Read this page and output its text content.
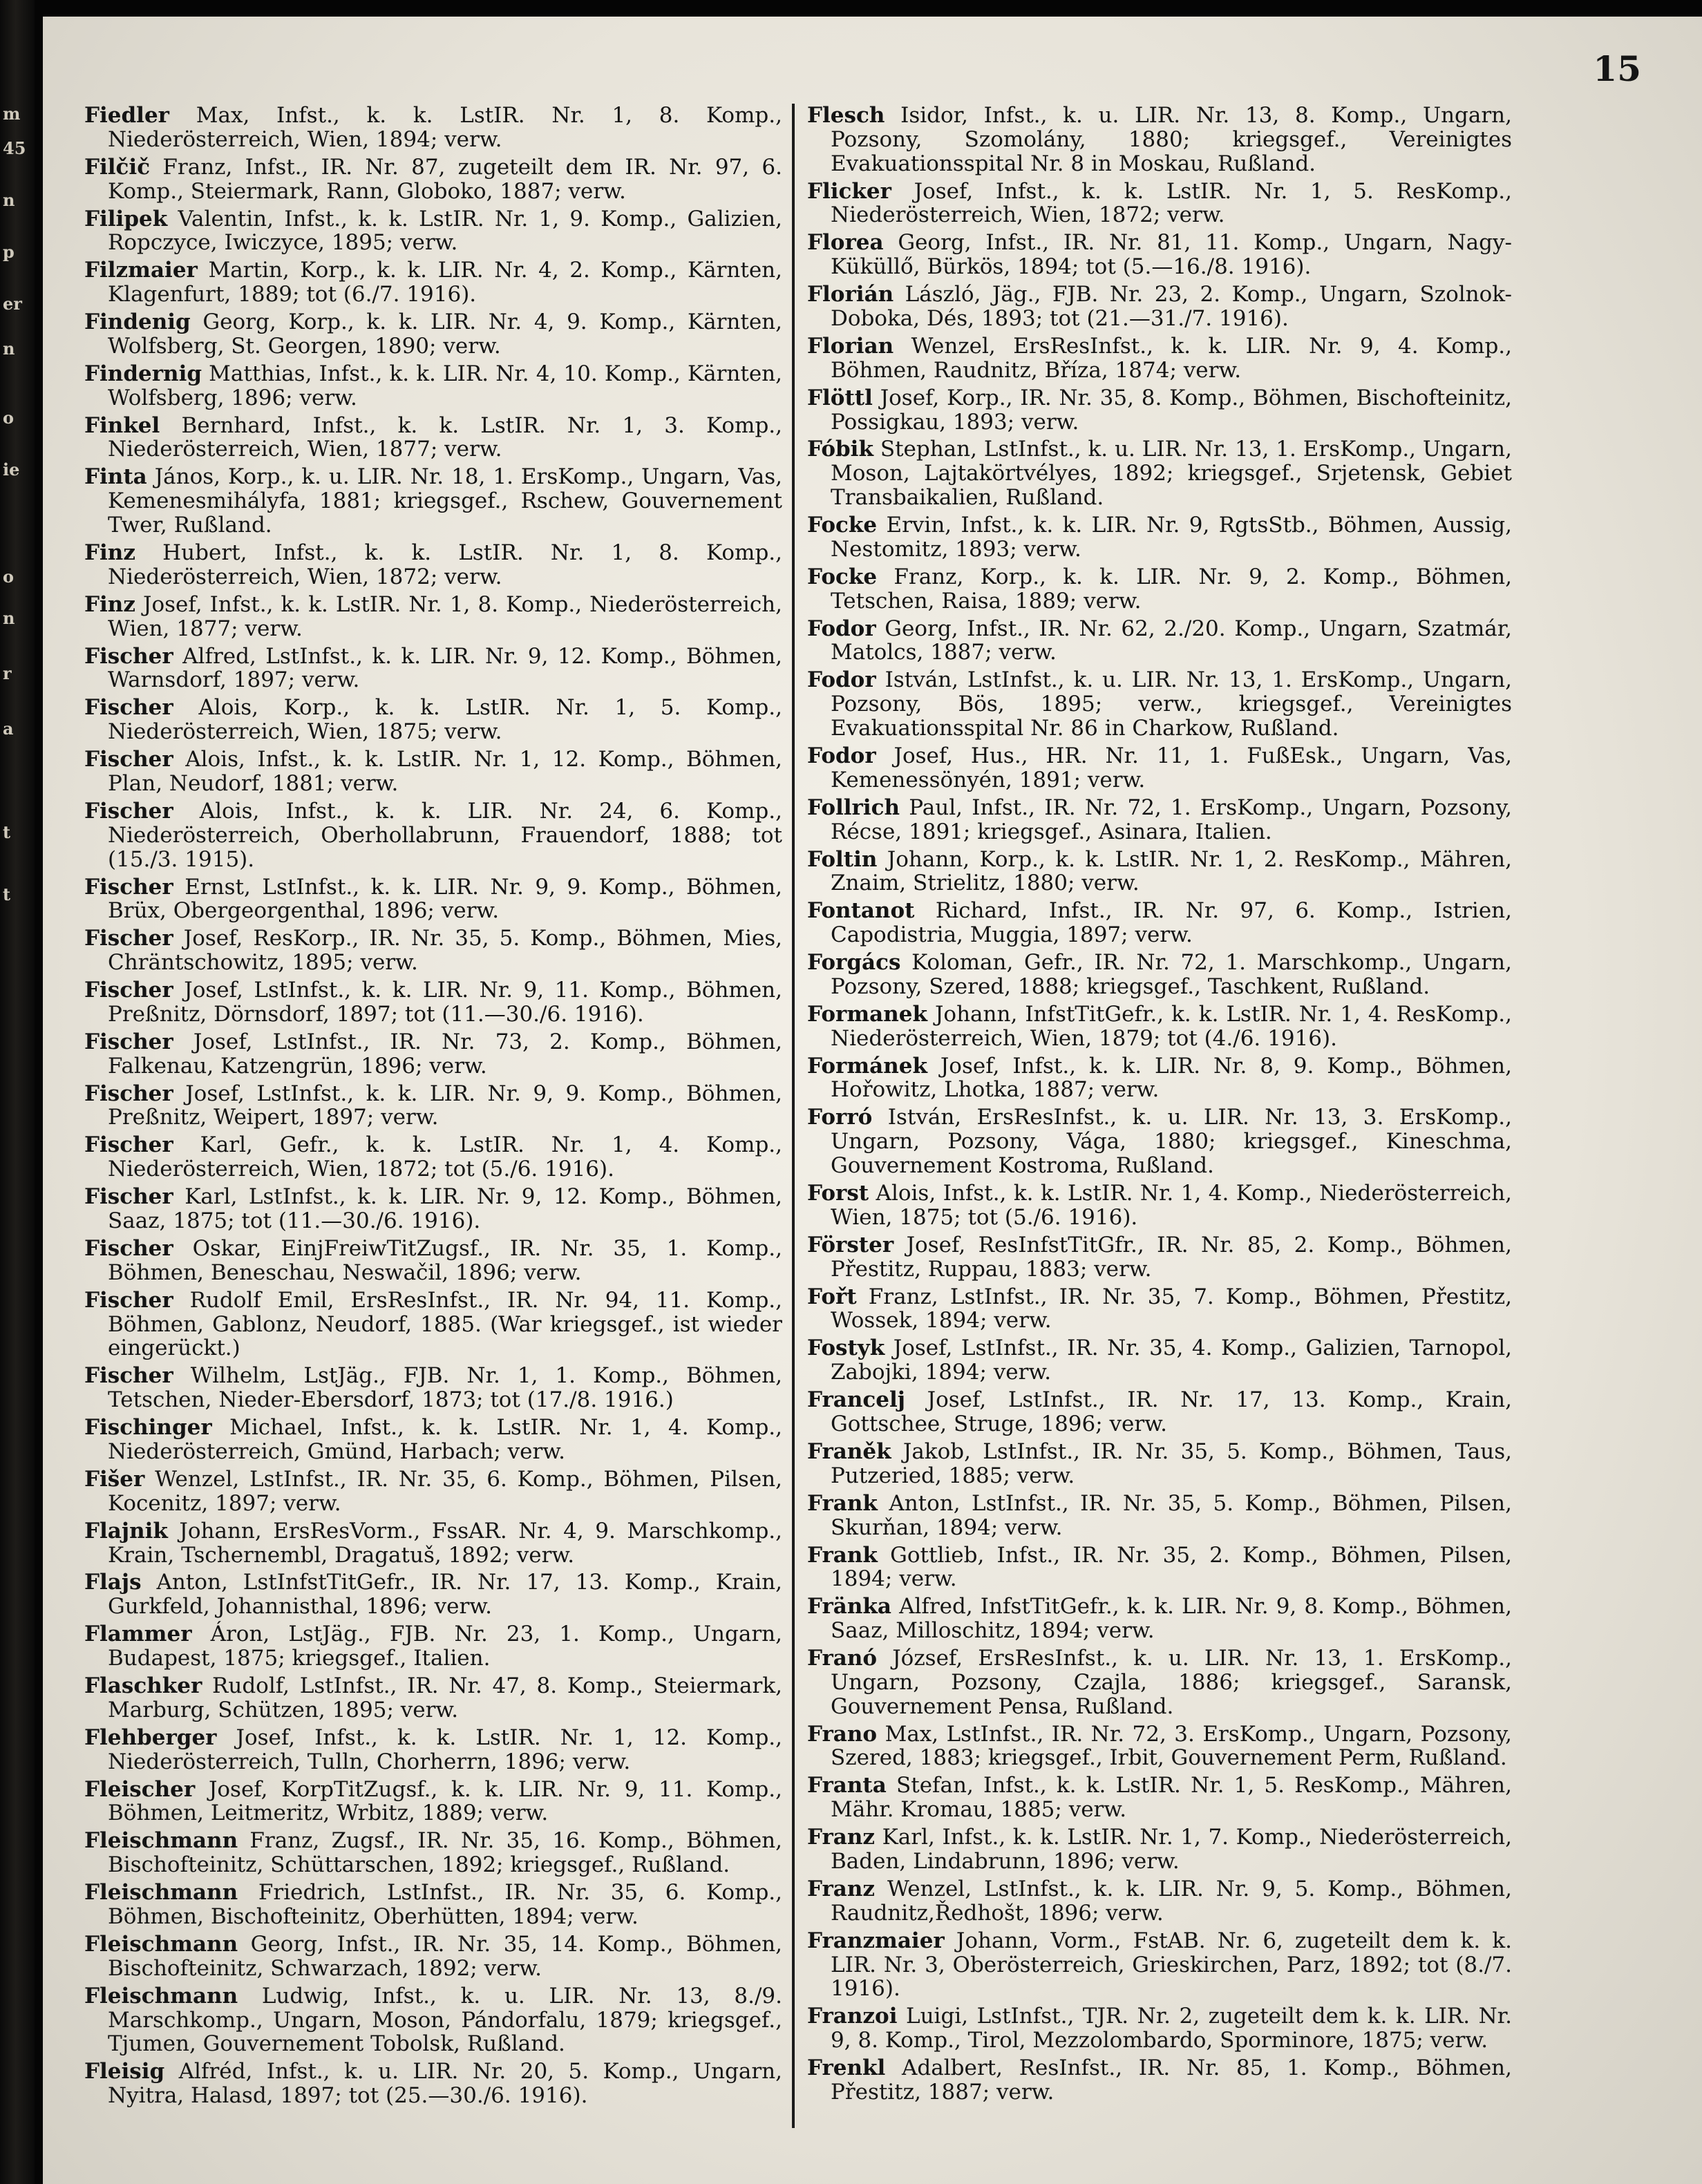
m
45
n
p
er
n
o
ie
o
n
r
a
t
t
15

Fiedler Max, Infst., k. k. LstIR. Nr. 1, 8. Komp., Niederösterreich, Wien, 1894; verw.

Filčič Franz, Infst., IR. Nr. 87, zugeteilt dem IR. Nr. 97, 6. Komp., Steiermark, Rann, Globoko, 1887; verw.

Filipek Valentin, Infst., k. k. LstIR. Nr. 1, 9. Komp., Galizien, Ropczyce, Iwiczyce, 1895; verw.

Filzmaier Martin, Korp., k. k. LIR. Nr. 4, 2. Komp., Kärnten, Klagenfurt, 1889; tot (6./7. 1916).

Findenig Georg, Korp., k. k. LIR. Nr. 4, 9. Komp., Kärnten, Wolfsberg, St. Georgen, 1890; verw.

Findernig Matthias, Infst., k. k. LIR. Nr. 4, 10. Komp., Kärnten, Wolfsberg, 1896; verw.

Finkel Bernhard, Infst., k. k. LstIR. Nr. 1, 3. Komp., Niederösterreich, Wien, 1877; verw.

Finta János, Korp., k. u. LIR. Nr. 18, 1. ErsKomp., Ungarn, Vas, Kemenesmihályfa, 1881; kriegsgef., Rschew, Gouvernement Twer, Rußland.

Finz Hubert, Infst., k. k. LstIR. Nr. 1, 8. Komp., Niederösterreich, Wien, 1872; verw.

Finz Josef, Infst., k. k. LstIR. Nr. 1, 8. Komp., Niederösterreich, Wien, 1877; verw.

Fischer Alfred, LstInfst., k. k. LIR. Nr. 9, 12. Komp., Böhmen, Warnsdorf, 1897; verw.

Fischer Alois, Korp., k. k. LstIR. Nr. 1, 5. Komp., Niederösterreich, Wien, 1875; verw.

Fischer Alois, Infst., k. k. LstIR. Nr. 1, 12. Komp., Böhmen, Plan, Neudorf, 1881; verw.

Fischer Alois, Infst., k. k. LIR. Nr. 24, 6. Komp., Niederösterreich, Oberhollabrunn, Frauendorf, 1888; tot (15./3. 1915).

Fischer Ernst, LstInfst., k. k. LIR. Nr. 9, 9. Komp., Böhmen, Brüx, Obergeorgenthal, 1896; verw.

Fischer Josef, ResKorp., IR. Nr. 35, 5. Komp., Böhmen, Mies, Chräntschowitz, 1895; verw.

Fischer Josef, LstInfst., k. k. LIR. Nr. 9, 11. Komp., Böhmen, Preßnitz, Dörnsdorf, 1897; tot (11.—30./6. 1916).

Fischer Josef, LstInfst., IR. Nr. 73, 2. Komp., Böhmen, Falkenau, Katzengrün, 1896; verw.

Fischer Josef, LstInfst., k. k. LIR. Nr. 9, 9. Komp., Böhmen, Preßnitz, Weipert, 1897; verw.

Fischer Karl, Gefr., k. k. LstIR. Nr. 1, 4. Komp., Niederösterreich, Wien, 1872; tot (5./6. 1916).

Fischer Karl, LstInfst., k. k. LIR. Nr. 9, 12. Komp., Böhmen, Saaz, 1875; tot (11.—30./6. 1916).

Fischer Oskar, EinjFreiwTitZugsf., IR. Nr. 35, 1. Komp., Böhmen, Beneschau, Neswačil, 1896; verw.

Fischer Rudolf Emil, ErsResInfst., IR. Nr. 94, 11. Komp., Böhmen, Gablonz, Neudorf, 1885. (War kriegsgef., ist wieder eingerückt.)

Fischer Wilhelm, LstJäg., FJB. Nr. 1, 1. Komp., Böhmen, Tetschen, Nieder-Ebersdorf, 1873; tot (17./8. 1916.)

Fischinger Michael, Infst., k. k. LstIR. Nr. 1, 4. Komp., Niederösterreich, Gmünd, Harbach; verw.

Fišer Wenzel, LstInfst., IR. Nr. 35, 6. Komp., Böhmen, Pilsen, Kocenitz, 1897; verw.

Flajnik Johann, ErsResVorm., FssAR. Nr. 4, 9. Marschkomp., Krain, Tschernembl, Dragatuš, 1892; verw.

Flajs Anton, LstInfstTitGefr., IR. Nr. 17, 13. Komp., Krain, Gurkfeld, Johannisthal, 1896; verw.

Flammer Áron, LstJäg., FJB. Nr. 23, 1. Komp., Ungarn, Budapest, 1875; kriegsgef., Italien.

Flaschker Rudolf, LstInfst., IR. Nr. 47, 8. Komp., Steiermark, Marburg, Schützen, 1895; verw.

Flehberger Josef, Infst., k. k. LstIR. Nr. 1, 12. Komp., Niederösterreich, Tulln, Chorherrn, 1896; verw.

Fleischer Josef, KorpTitZugsf., k. k. LIR. Nr. 9, 11. Komp., Böhmen, Leitmeritz, Wrbitz, 1889; verw.

Fleischmann Franz, Zugsf., IR. Nr. 35, 16. Komp., Böhmen, Bischofteinitz, Schüttarschen, 1892; kriegsgef., Rußland.

Fleischmann Friedrich, LstInfst., IR. Nr. 35, 6. Komp., Böhmen, Bischofteinitz, Oberhütten, 1894; verw.

Fleischmann Georg, Infst., IR. Nr. 35, 14. Komp., Böhmen, Bischofteinitz, Schwarzach, 1892; verw.

Fleischmann Ludwig, Infst., k. u. LIR. Nr. 13, 8./9. Marschkomp., Ungarn, Moson, Pándorfalu, 1879; kriegsgef., Tjumen, Gouvernement Tobolsk, Rußland.

Fleisig Alfréd, Infst., k. u. LIR. Nr. 20, 5. Komp., Ungarn, Nyitra, Halasd, 1897; tot (25.—30./6. 1916).

Flesch Isidor, Infst., k. u. LIR. Nr. 13, 8. Komp., Ungarn, Pozsony, Szomolány, 1880; kriegsgef., Vereinigtes Evakuationsspital Nr. 8 in Moskau, Rußland.

Flicker Josef, Infst., k. k. LstIR. Nr. 1, 5. ResKomp., Niederösterreich, Wien, 1872; verw.

Florea Georg, Infst., IR. Nr. 81, 11. Komp., Ungarn, Nagy-Küküllő, Bürkös, 1894; tot (5.—16./8. 1916).

Florián László, Jäg., FJB. Nr. 23, 2. Komp., Ungarn, Szolnok-Doboka, Dés, 1893; tot (21.—31./7. 1916).

Florian Wenzel, ErsResInfst., k. k. LIR. Nr. 9, 4. Komp., Böhmen, Raudnitz, Bříza, 1874; verw.

Flöttl Josef, Korp., IR. Nr. 35, 8. Komp., Böhmen, Bischofteinitz, Possigkau, 1893; verw.

Fóbik Stephan, LstInfst., k. u. LIR. Nr. 13, 1. ErsKomp., Ungarn, Moson, Lajtakörtvélyes, 1892; kriegsgef., Srjetensk, Gebiet Transbaikalien, Rußland.

Focke Ervin, Infst., k. k. LIR. Nr. 9, RgtsStb., Böhmen, Aussig, Nestomitz, 1893; verw.

Focke Franz, Korp., k. k. LIR. Nr. 9, 2. Komp., Böhmen, Tetschen, Raisa, 1889; verw.

Fodor Georg, Infst., IR. Nr. 62, 2./20. Komp., Ungarn, Szatmár, Matolcs, 1887; verw.

Fodor István, LstInfst., k. u. LIR. Nr. 13, 1. ErsKomp., Ungarn, Pozsony, Bös, 1895; verw., kriegsgef., Vereinigtes Evakuationsspital Nr. 86 in Charkow, Rußland.

Fodor Josef, Hus., HR. Nr. 11, 1. FußEsk., Ungarn, Vas, Kemenessönyén, 1891; verw.

Follrich Paul, Infst., IR. Nr. 72, 1. ErsKomp., Ungarn, Pozsony, Récse, 1891; kriegsgef., Asinara, Italien.

Foltin Johann, Korp., k. k. LstIR. Nr. 1, 2. ResKomp., Mähren, Znaim, Strielitz, 1880; verw.

Fontanot Richard, Infst., IR. Nr. 97, 6. Komp., Istrien, Capodistria, Muggia, 1897; verw.

Forgács Koloman, Gefr., IR. Nr. 72, 1. Marschkomp., Ungarn, Pozsony, Szered, 1888; kriegsgef., Taschkent, Rußland.

Formanek Johann, InfstTitGefr., k. k. LstIR. Nr. 1, 4. ResKomp., Niederösterreich, Wien, 1879; tot (4./6. 1916).

Formánek Josef, Infst., k. k. LIR. Nr. 8, 9. Komp., Böhmen, Hořowitz, Lhotka, 1887; verw.

Forró István, ErsResInfst., k. u. LIR. Nr. 13, 3. ErsKomp., Ungarn, Pozsony, Vága, 1880; kriegsgef., Kineschma, Gouvernement Kostroma, Rußland.

Forst Alois, Infst., k. k. LstIR. Nr. 1, 4. Komp., Niederösterreich, Wien, 1875; tot (5./6. 1916).

Förster Josef, ResInfstTitGfr., IR. Nr. 85, 2. Komp., Böhmen, Přestitz, Ruppau, 1883; verw.

Fořt Franz, LstInfst., IR. Nr. 35, 7. Komp., Böhmen, Přestitz, Wossek, 1894; verw.

Fostyk Josef, LstInfst., IR. Nr. 35, 4. Komp., Galizien, Tarnopol, Zabojki, 1894; verw.

Francelj Josef, LstInfst., IR. Nr. 17, 13. Komp., Krain, Gottschee, Struge, 1896; verw.

Franěk Jakob, LstInfst., IR. Nr. 35, 5. Komp., Böhmen, Taus, Putzeried, 1885; verw.

Frank Anton, LstInfst., IR. Nr. 35, 5. Komp., Böhmen, Pilsen, Skurňan, 1894; verw.

Frank Gottlieb, Infst., IR. Nr. 35, 2. Komp., Böhmen, Pilsen, 1894; verw.

Fränka Alfred, InfstTitGefr., k. k. LIR. Nr. 9, 8. Komp., Böhmen, Saaz, Milloschitz, 1894; verw.

Franó József, ErsResInfst., k. u. LIR. Nr. 13, 1. ErsKomp., Ungarn, Pozsony, Czajla, 1886; kriegsgef., Saransk, Gouvernement Pensa, Rußland.

Frano Max, LstInfst., IR. Nr. 72, 3. ErsKomp., Ungarn, Pozsony, Szered, 1883; kriegsgef., Irbit, Gouvernement Perm, Rußland.

Franta Stefan, Infst., k. k. LstIR. Nr. 1, 5. ResKomp., Mähren, Mähr. Kromau, 1885; verw.

Franz Karl, Infst., k. k. LstIR. Nr. 1, 7. Komp., Niederösterreich, Baden, Lindabrunn, 1896; verw.

Franz Wenzel, LstInfst., k. k. LIR. Nr. 9, 5. Komp., Böhmen, Raudnitz,Ředhošt, 1896; verw.

Franzmaier Johann, Vorm., FstAB. Nr. 6, zugeteilt dem k. k. LIR. Nr. 3, Oberösterreich, Grieskirchen, Parz, 1892; tot (8./7. 1916).

Franzoi Luigi, LstInfst., TJR. Nr. 2, zugeteilt dem k. k. LIR. Nr. 9, 8. Komp., Tirol, Mezzolombardo, Sporminore, 1875; verw.

Frenkl Adalbert, ResInfst., IR. Nr. 85, 1. Komp., Böhmen, Přestitz, 1887; verw.
